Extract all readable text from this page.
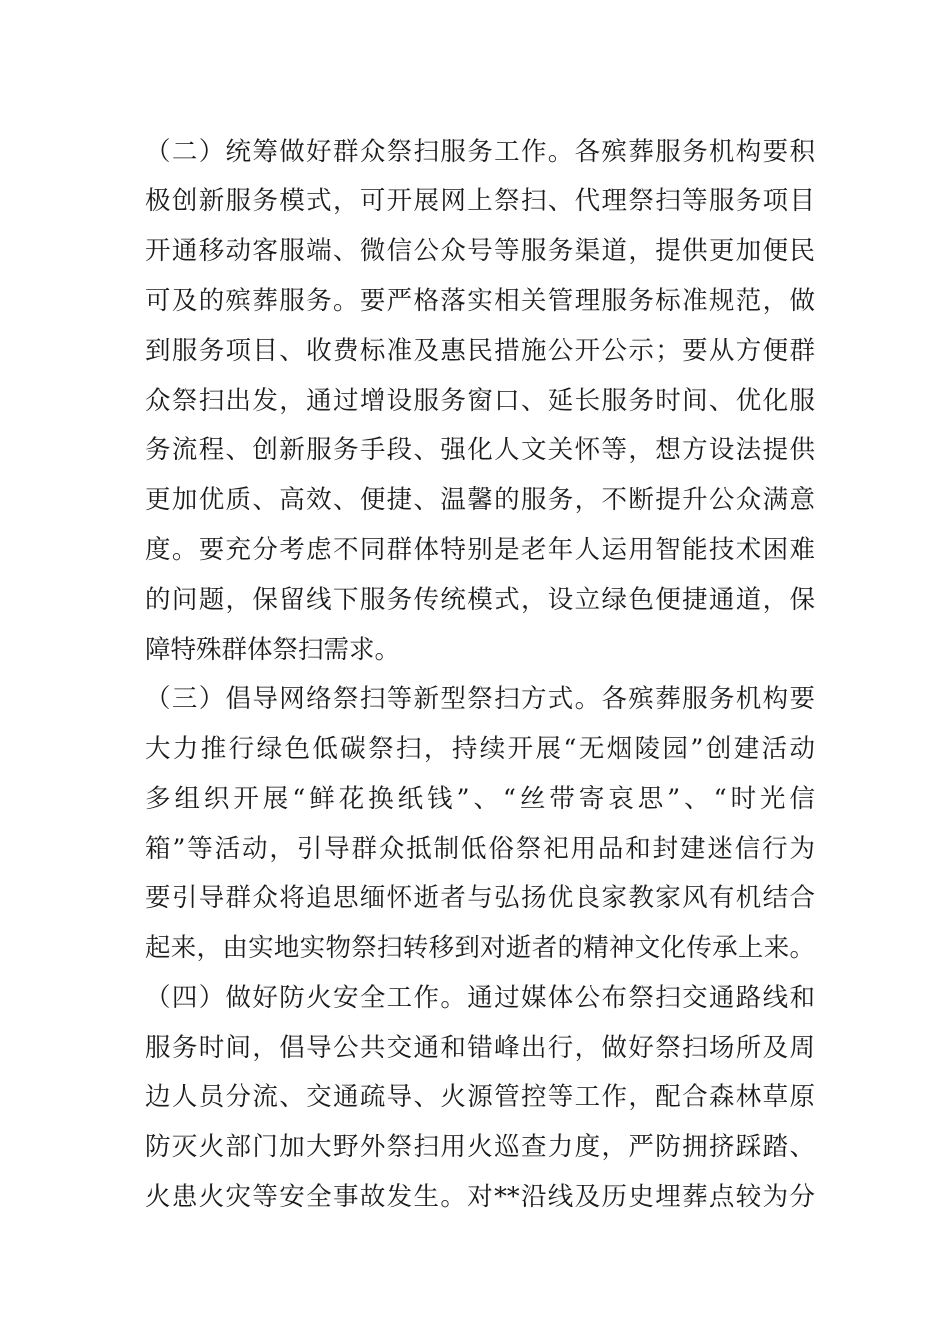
（二）统筹做好群众祭扫服务工作。各殡葬服务机构要积
极创新服务模式，可开展网上祭扫、代理祭扫等服务项目
开通移动客服端、微信公众号等服务渠道，提供更加便民
可及的殡葬服务。要严格落实相关管理服务标准规范，做
到服务项目、收费标准及惠民措施公开公示；要从方便群
众祭扫出发，通过增设服务窗口、延长服务时间、优化服
务流程、创新服务手段、强化人文关怀等，想方设法提供
更加优质、高效、便捷、温馨的服务，不断提升公众满意
度。要充分考虑不同群体特别是老年人运用智能技术困难
的问题，保留线下服务传统模式，设立绿色便捷通道，保
障特殊群体祭扫需求。
（三）倡导网络祭扫等新型祭扫方式。各殡葬服务机构要
大力推行绿色低碳祭扫，持续开展“无烟陵园”创建活动
多组织开展“鲜花换纸钱”、“丝带寄哀思”、“时光信
箱”等活动，引导群众抵制低俗祭祀用品和封建迷信行为
要引导群众将追思缅怀逝者与弘扬优良家教家风有机结合
起来，由实地实物祭扫转移到对逝者的精神文化传承上来。
（四）做好防火安全工作。通过媒体公布祭扫交通路线和
服务时间，倡导公共交通和错峰出行，做好祭扫场所及周
边人员分流、交通疏导、火源管控等工作，配合森林草原
防灭火部门加大野外祭扫用火巡查力度，严防拥挤踩踏、
火患火灾等安全事故发生。对**沿线及历史埋葬点较为分
